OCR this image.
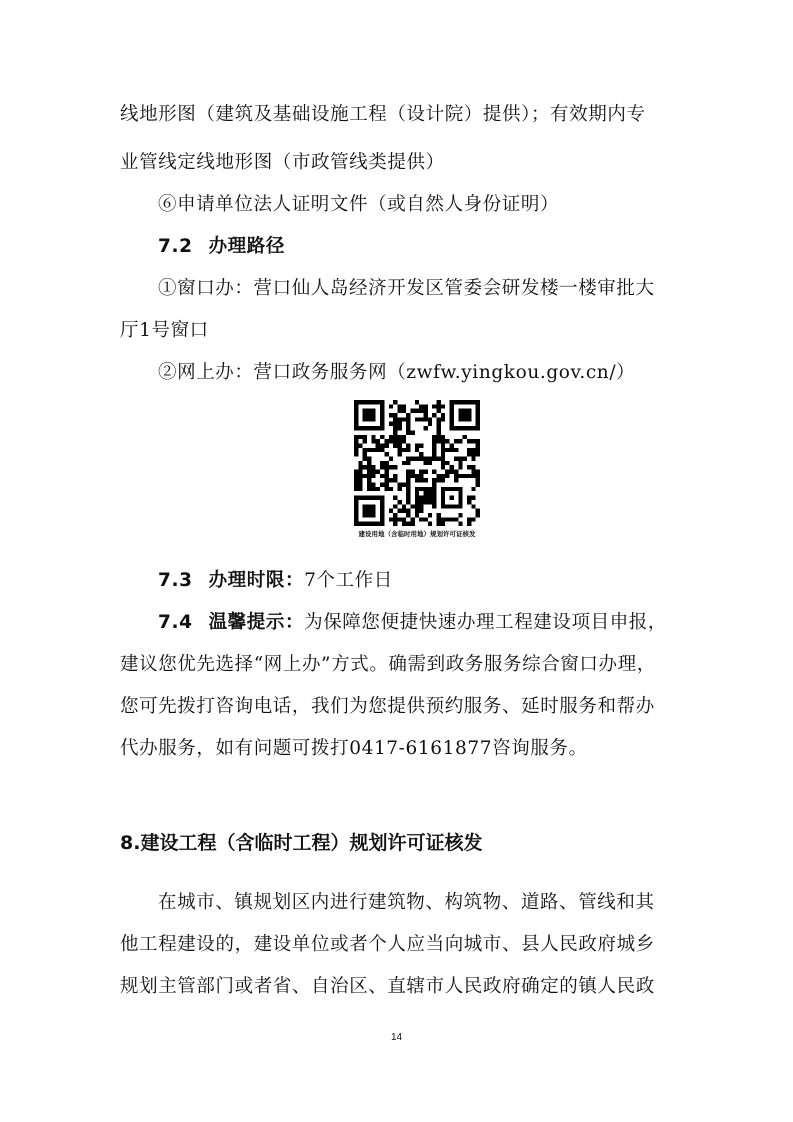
线地形图（建筑及基础设施工程（设计院）提供）；有效期内专
业管线定线地形图（市政管线类提供）
⑥申请单位法人证明文件（或自然人身份证明）
7.2 办理路径
①窗口办：营口仙人岛经济开发区管委会研发楼一楼审批大
厅1号窗口
②网上办：营口政务服务网（zwfw.yingkou.gov.cn/）
建设用地（含临时用地）规划许可证核发
7.3 办理时限：7个工作日
7.4 温馨提示：为保障您便捷快速办理工程建设项目申报，
建议您优先选择“网上办”方式。确需到政务服务综合窗口办理，
您可先拨打咨询电话，我们为您提供预约服务、延时服务和帮办
代办服务，如有问题可拨打0417-6161877咨询服务。
8.建设工程（含临时工程）规划许可证核发
在城市、镇规划区内进行建筑物、构筑物、道路、管线和其
他工程建设的，建设单位或者个人应当向城市、县人民政府城乡
规划主管部门或者省、自治区、直辖市人民政府确定的镇人民政
14
